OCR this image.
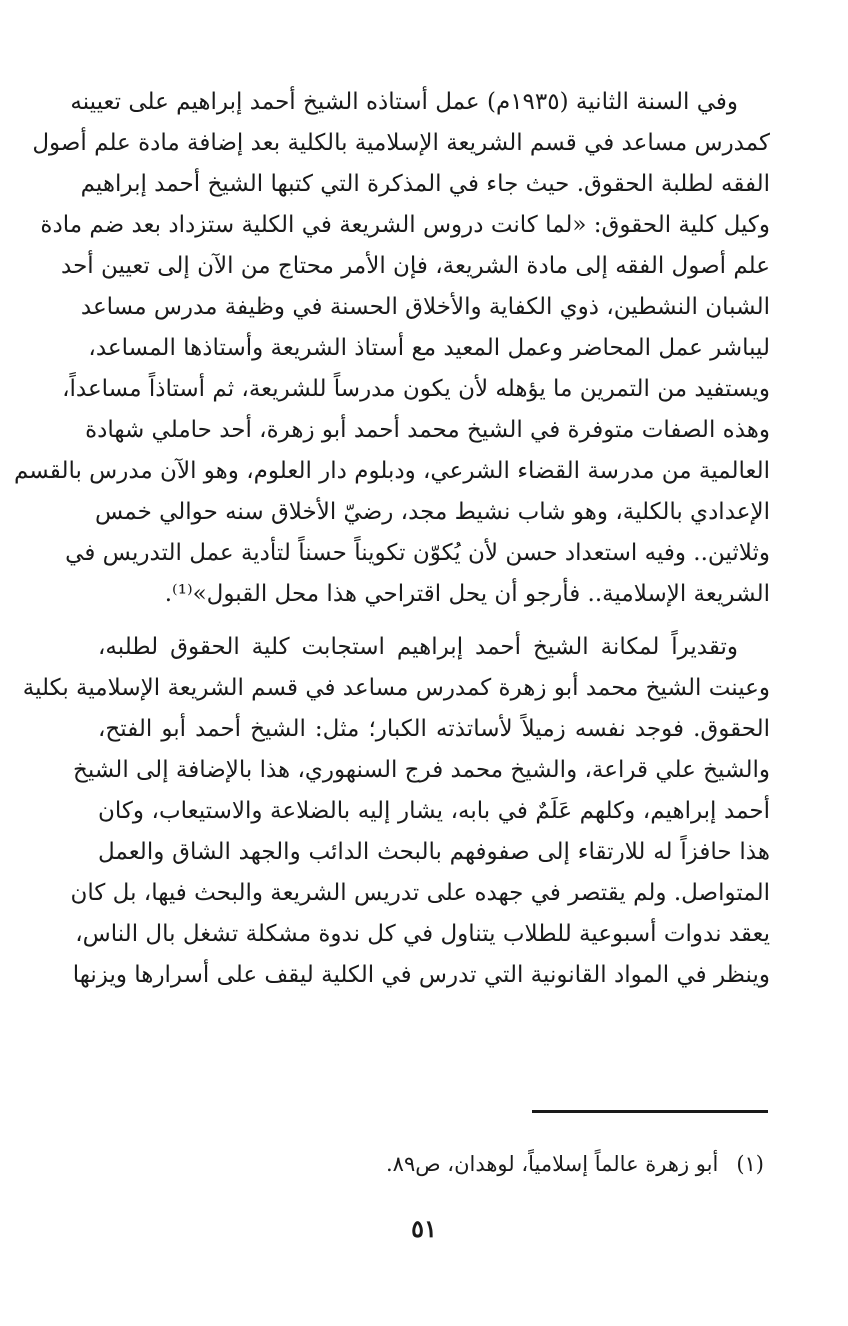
وفي السنة الثانية (١٩٣٥م) عمل أستاذه الشيخ أحمد إبراهيم على تعيينه
كمدرس مساعد في قسم الشريعة الإسلامية بالكلية بعد إضافة مادة علم أصول
الفقه لطلبة الحقوق. حيث جاء في المذكرة التي كتبها الشيخ أحمد إبراهيم
وكيل كلية الحقوق: «لما كانت دروس الشريعة في الكلية ستزداد بعد ضم مادة
علم أصول الفقه إلى مادة الشريعة، فإن الأمر محتاج من الآن إلى تعيين أحد
الشبان النشطين، ذوي الكفاية والأخلاق الحسنة في وظيفة مدرس مساعد
ليباشر عمل المحاضر وعمل المعيد مع أستاذ الشريعة وأستاذها المساعد،
ويستفيد من التمرين ما يؤهله لأن يكون مدرساً للشريعة، ثم أستاذاً مساعداً،
وهذه الصفات متوفرة في الشيخ محمد أحمد أبو زهرة، أحد حاملي شهادة
العالمية من مدرسة القضاء الشرعي، ودبلوم دار العلوم، وهو الآن مدرس بالقسم
الإعدادي بالكلية، وهو شاب نشيط مجد، رضيّ الأخلاق سنه حوالي خمس
وثلاثين.. وفيه استعداد حسن لأن يُكوّن تكويناً حسناً لتأدية عمل التدريس في
الشريعة الإسلامية.. فأرجو أن يحل اقتراحي هذا محل القبول»⁽¹⁾.
وتقديراً لمكانة الشيخ أحمد إبراهيم استجابت كلية الحقوق لطلبه،
وعينت الشيخ محمد أبو زهرة كمدرس مساعد في قسم الشريعة الإسلامية بكلية
الحقوق. فوجد نفسه زميلاً لأساتذته الكبار؛ مثل: الشيخ أحمد أبو الفتح،
والشيخ علي قراعة، والشيخ محمد فرج السنهوري، هذا بالإضافة إلى الشيخ
أحمد إبراهيم، وكلهم عَلَمٌ في بابه، يشار إليه بالضلاعة والاستيعاب، وكان
هذا حافزاً له للارتقاء إلى صفوفهم بالبحث الدائب والجهد الشاق والعمل
المتواصل. ولم يقتصر في جهده على تدريس الشريعة والبحث فيها، بل كان
يعقد ندوات أسبوعية للطلاب يتناول في كل ندوة مشكلة تشغل بال الناس،
وينظر في المواد القانونية التي تدرس في الكلية ليقف على أسرارها ويزنها
(١)أبو زهرة عالماً إسلامياً، لوهدان، ص٨٩.
٥١
